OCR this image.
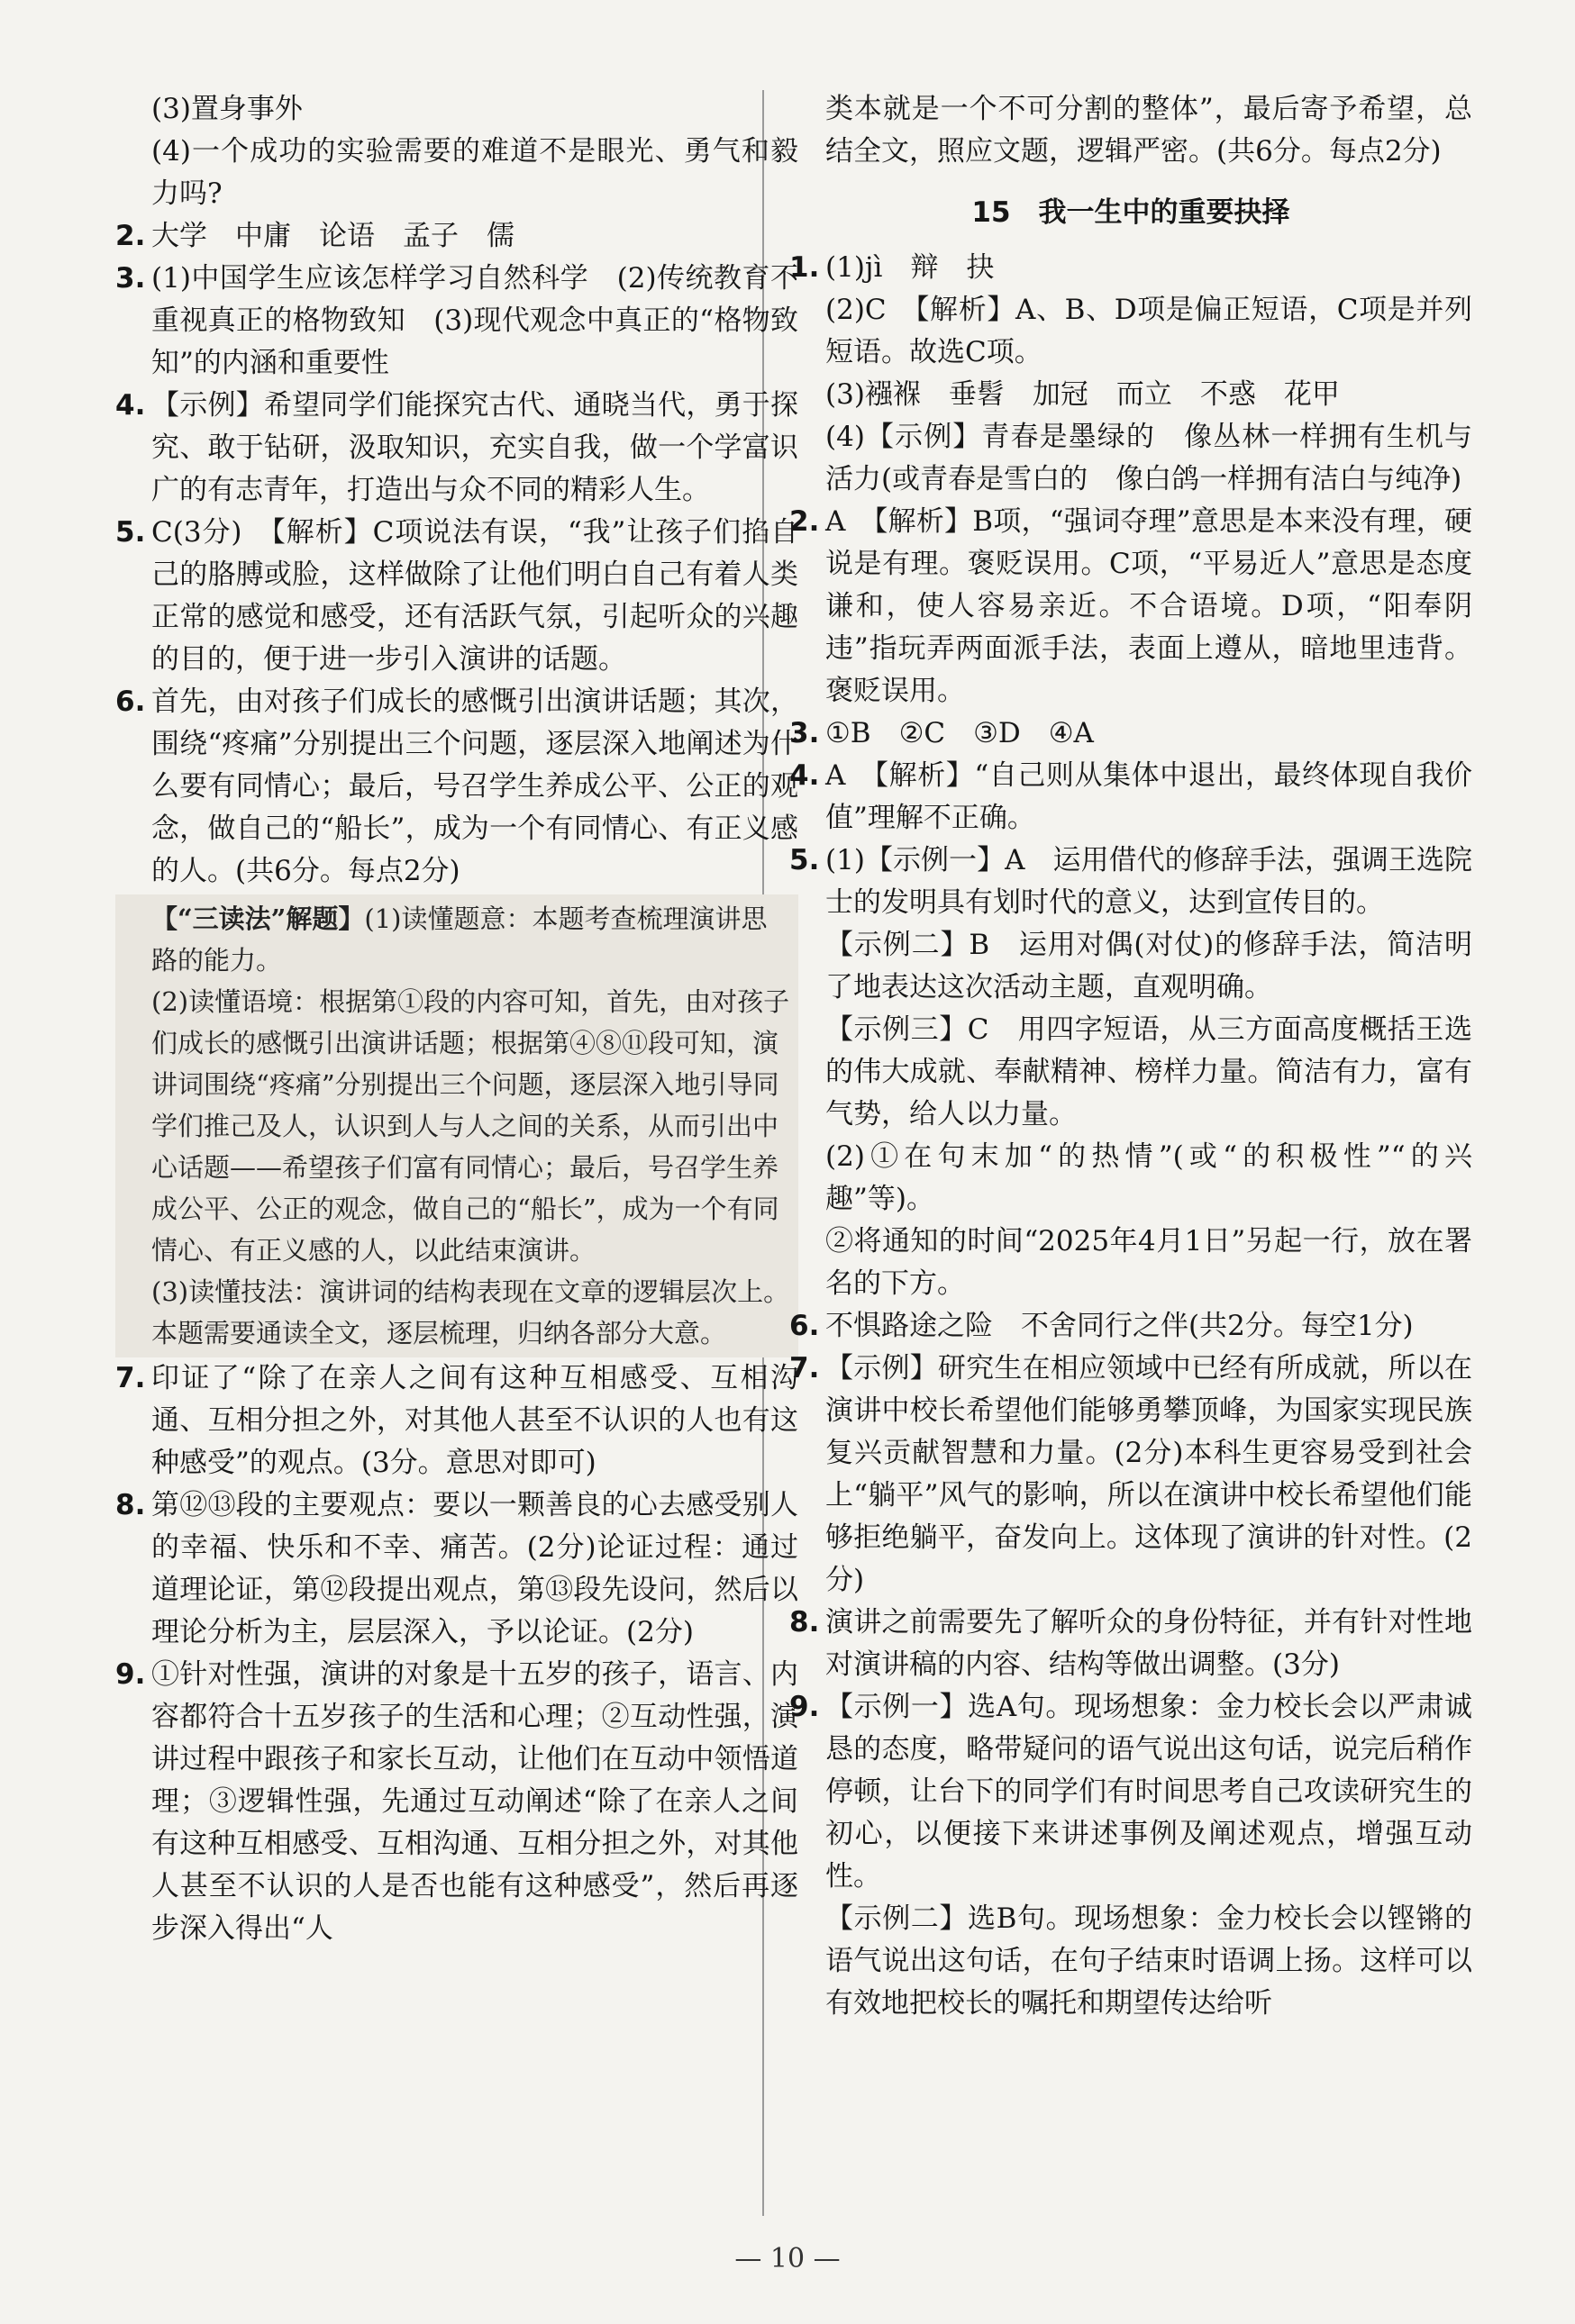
(3)置身事外

(4)一个成功的实验需要的难道不是眼光、勇气和毅力吗?

2. 大学　中庸　论语　孟子　儒

3. (1)中国学生应该怎样学习自然科学　(2)传统教育不重视真正的格物致知　(3)现代观念中真正的“格物致知”的内涵和重要性

4. 【示例】希望同学们能探究古代、通晓当代，勇于探究、敢于钻研，汲取知识，充实自我，做一个学富识广的有志青年，打造出与众不同的精彩人生。

5. C(3分)　【解析】C项说法有误，“我”让孩子们掐自己的胳膊或脸，这样做除了让他们明白自己有着人类正常的感觉和感受，还有活跃气氛，引起听众的兴趣的目的，便于进一步引入演讲的话题。

6. 首先，由对孩子们成长的感慨引出演讲话题；其次，围绕“疼痛”分别提出三个问题，逐层深入地阐述为什么要有同情心；最后，号召学生养成公平、公正的观念，做自己的“船长”，成为一个有同情心、有正义感的人。(共6分。每点2分)

【“三读法”解题】(1)读懂题意：本题考查梳理演讲思路的能力。
(2)读懂语境：根据第①段的内容可知，首先，由对孩子们成长的感慨引出演讲话题；根据第④⑧⑪段可知，演讲词围绕“疼痛”分别提出三个问题，逐层深入地引导同学们推己及人，认识到人与人之间的关系，从而引出中心话题——希望孩子们富有同情心；最后，号召学生养成公平、公正的观念，做自己的“船长”，成为一个有同情心、有正义感的人，以此结束演讲。
(3)读懂技法：演讲词的结构表现在文章的逻辑层次上。本题需要通读全文，逐层梳理，归纳各部分大意。

7. 印证了“除了在亲人之间有这种互相感受、互相沟通、互相分担之外，对其他人甚至不认识的人也有这种感受”的观点。(3分。意思对即可)

8. 第⑫⑬段的主要观点：要以一颗善良的心去感受别人的幸福、快乐和不幸、痛苦。(2分)论证过程：通过道理论证，第⑫段提出观点，第⑬段先设问，然后以理论分析为主，层层深入，予以论证。(2分)

9. ①针对性强，演讲的对象是十五岁的孩子，语言、内容都符合十五岁孩子的生活和心理；②互动性强，演讲过程中跟孩子和家长互动，让他们在互动中领悟道理；③逻辑性强，先通过互动阐述“除了在亲人之间有这种互相感受、互相沟通、互相分担之外，对其他人甚至不认识的人是否也能有这种感受”，然后再逐步深入得出“人

类本就是一个不可分割的整体”，最后寄予希望，总结全文，照应文题，逻辑严密。(共6分。每点2分)

15　我一生中的重要抉择

1. (1)jì　辩　抉

(2)C　【解析】A、B、D项是偏正短语，C项是并列短语。故选C项。

(3)襁褓　垂髫　加冠　而立　不惑　花甲

(4)【示例】青春是墨绿的　像丛林一样拥有生机与活力(或青春是雪白的　像白鸽一样拥有洁白与纯净)

2. A　【解析】B项，“强词夺理”意思是本来没有理，硬说是有理。褒贬误用。C项，“平易近人”意思是态度谦和，使人容易亲近。不合语境。D项，“阳奉阴违”指玩弄两面派手法，表面上遵从，暗地里违背。褒贬误用。

3. ①B　②C　③D　④A

4. A　【解析】“自己则从集体中退出，最终体现自我价值”理解不正确。

5. (1)【示例一】A　运用借代的修辞手法，强调王选院士的发明具有划时代的意义，达到宣传目的。

【示例二】B　运用对偶(对仗)的修辞手法，简洁明了地表达这次活动主题，直观明确。

【示例三】C　用四字短语，从三方面高度概括王选的伟大成就、奉献精神、榜样力量。简洁有力，富有气势，给人以力量。

(2)①在句末加“的热情”(或“的积极性”“的兴趣”等)。

②将通知的时间“2025年4月1日”另起一行，放在署名的下方。

6. 不惧路途之险　不舍同行之伴(共2分。每空1分)

7. 【示例】研究生在相应领域中已经有所成就，所以在演讲中校长希望他们能够勇攀顶峰，为国家实现民族复兴贡献智慧和力量。(2分)本科生更容易受到社会上“躺平”风气的影响，所以在演讲中校长希望他们能够拒绝躺平，奋发向上。这体现了演讲的针对性。(2分)

8. 演讲之前需要先了解听众的身份特征，并有针对性地对演讲稿的内容、结构等做出调整。(3分)

9. 【示例一】选A句。现场想象：金力校长会以严肃诚恳的态度，略带疑问的语气说出这句话，说完后稍作停顿，让台下的同学们有时间思考自己攻读研究生的初心，以便接下来讲述事例及阐述观点，增强互动性。

【示例二】选B句。现场想象：金力校长会以铿锵的语气说出这句话，在句子结束时语调上扬。这样可以有效地把校长的嘱托和期望传达给听

— 10 —
